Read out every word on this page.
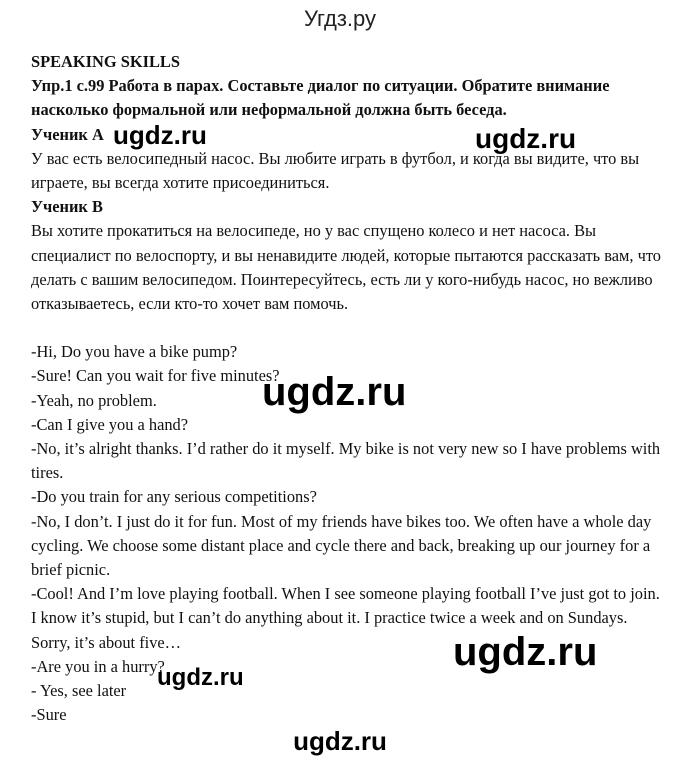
Угдз.ру

SPEAKING SKILLS

Упр.1 с.99 Работа в парах. Составьте диалог по ситуации. Обратите внимание насколько формальной или неформальной должна быть беседа.

Ученик A

У вас есть велосипедный насос. Вы любите играть в футбол, и когда вы видите, что вы играете, вы всегда хотите присоединиться.

Ученик B

Вы хотите прокатиться на велосипеде, но у вас спущено колесо и нет насоса. Вы специалист по велоспорту, и вы ненавидите людей, которые пытаются рассказать вам, что делать с вашим велосипедом. Поинтересуйтесь, есть ли у кого-нибудь насос, но вежливо отказываетесь, если кто-то хочет вам помочь.

-Hi, Do you have a bike pump?

-Sure! Can you wait for five minutes?

-Yeah, no problem.

-Can I give you a hand?

-No, it’s alright thanks. I’d rather do it myself. My bike is not very new so I have problems with tires.

-Do you train for any serious competitions?

-No, I don’t. I just do it for fun. Most of my friends have bikes too. We often have a whole day cycling. We choose some distant place and cycle there and back, breaking up our journey for a brief picnic.

-Cool! And I’m love playing football. When I see someone playing football I’ve just got to join. I know it’s stupid, but I can’t do anything about it. I practice twice a week and on Sundays. Sorry, it’s about five…

-Are you in a hurry?

- Yes, see later

-Sure

ugdz.ru	ugdz.ru
ugdz.ru
ugdz.ru
ugdz.ru
ugdz.ru
